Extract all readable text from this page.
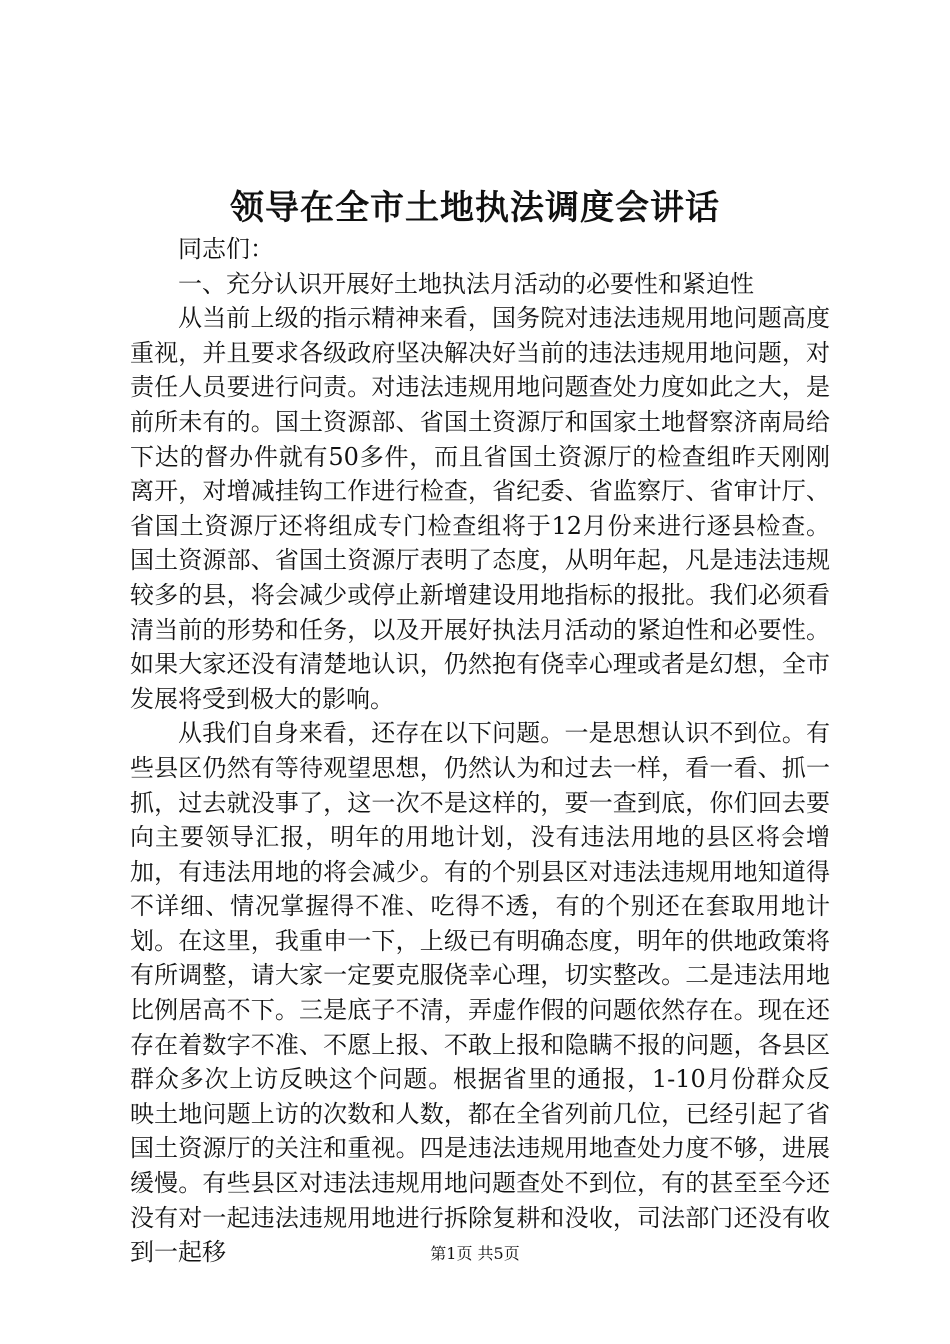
领导在全市土地执法调度会讲话

同志们：

一、充分认识开展好土地执法月活动的必要性和紧迫性

从当前上级的指示精神来看，国务院对违法违规用地问题高度重视，并且要求各级政府坚决解决好当前的违法违规用地问题，对责任人员要进行问责。对违法违规用地问题查处力度如此之大，是前所未有的。国土资源部、省国土资源厅和国家土地督察济南局给下达的督办件就有50多件，而且省国土资源厅的检查组昨天刚刚离开，对增减挂钩工作进行检查，省纪委、省监察厅、省审计厅、省国土资源厅还将组成专门检查组将于12月份来进行逐县检查。国土资源部、省国土资源厅表明了态度，从明年起，凡是违法违规较多的县，将会减少或停止新增建设用地指标的报批。我们必须看清当前的形势和任务，以及开展好执法月活动的紧迫性和必要性。如果大家还没有清楚地认识，仍然抱有侥幸心理或者是幻想，全市发展将受到极大的影响。

从我们自身来看，还存在以下问题。一是思想认识不到位。有些县区仍然有等待观望思想，仍然认为和过去一样，看一看、抓一抓，过去就没事了，这一次不是这样的，要一查到底，你们回去要向主要领导汇报，明年的用地计划，没有违法用地的县区将会增加，有违法用地的将会减少。有的个别县区对违法违规用地知道得不详细、情况掌握得不准、吃得不透，有的个别还在套取用地计划。在这里，我重申一下，上级已有明确态度，明年的供地政策将有所调整，请大家一定要克服侥幸心理，切实整改。二是违法用地比例居高不下。三是底子不清，弄虚作假的问题依然存在。现在还存在着数字不准、不愿上报、不敢上报和隐瞒不报的问题，各县区群众多次上访反映这个问题。根据省里的通报，1-10月份群众反映土地问题上访的次数和人数，都在全省列前几位，已经引起了省国土资源厅的关注和重视。四是违法违规用地查处力度不够，进展缓慢。有些县区对违法违规用地问题查处不到位，有的甚至至今还没有对一起违法违规用地进行拆除复耕和没收，司法部门还没有收到一起移	第1页 共5页
